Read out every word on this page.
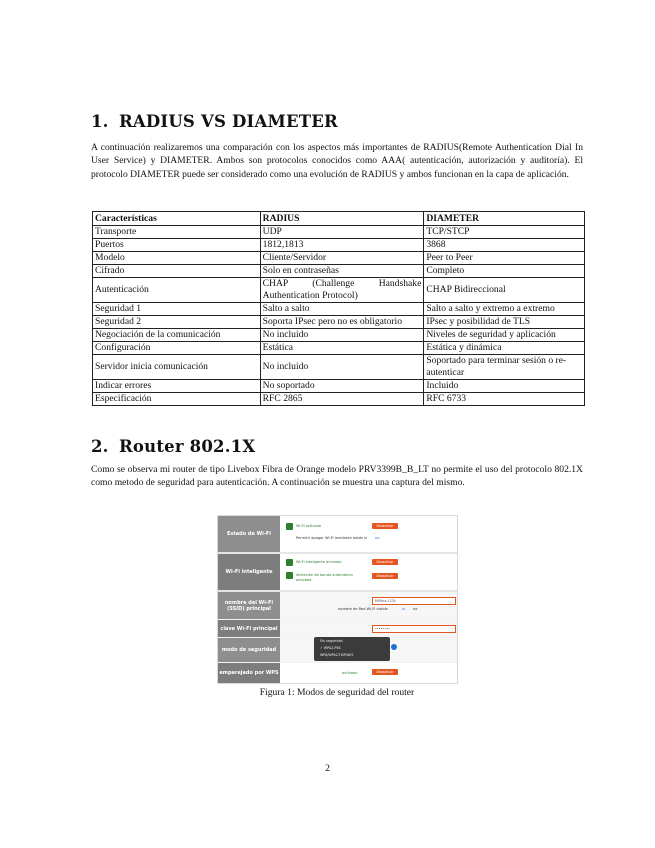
1. RADIUS VS DIAMETER

A continuación realizaremos una comparación con los aspectos más importantes de RADIUS(Remote Authentication Dial In User Service) y DIAMETER. Ambos son protocolos conocidos como AAA( autenticación, autorización y auditoría). El protocolo DIAMETER puede ser considerado como una evolución de RADIUS y ambos funcionan en la capa de aplicación.

Características	RADIUS	DIAMETER
Transporte	UDP	TCP/STCP
Puertos	1812,1813	3868
Modelo	Cliente/Servidor	Peer to Peer
Cifrado	Solo en contraseñas	Completo
Autenticación	CHAP (Challenge Handshake Authentication Protocol)	CHAP Bidireccional
Seguridad 1	Salto a salto	Salto a salto y extremo a extremo
Seguridad 2	Soporta IPsec pero no es obligatorio	IPsec y posibilidad de TLS
Negociación de la comunicación	No incluido	Niveles de seguridad y aplicación
Configuración	Estática	Estática y dinámica
Servidor inicia comunicación	No incluido	Soportado para terminar sesión o re-autenticar
Indicar errores	No soportado	Incluido
Especificación	RFC 2865	RFC 6733
2. Router 802.1X

Como se observa mi router de tipo Livebox Fibra de Orange modelo PRV3399B_B_LT no permite el uso del protocolo 802.1X como metodo de seguridad para autenticación. A continuación se muestra una captura del mismo.

Estado de Wi-Fi
Wi-Fi activado	Desactivar
Permitir apagar Wi-Fi mediante botón sí no
Wi-Fi inteligente
Wi-Fi inteligente activado	Desactivar
Selección de banda automática activada
Desactivar
nombre del Wi-Fi (SSID) principal
MiFibra-1234
nombre de Red Wi-Fi visible	sí no
clave Wi-Fi principal	••••••••
modo de seguridad
Sin seguridad
✓ WPA2-PSK
WPA/WPA2-TKIP/AES
emparejado por WPS	activado	Desactivar
Figura 1: Modos de seguridad del router
2
